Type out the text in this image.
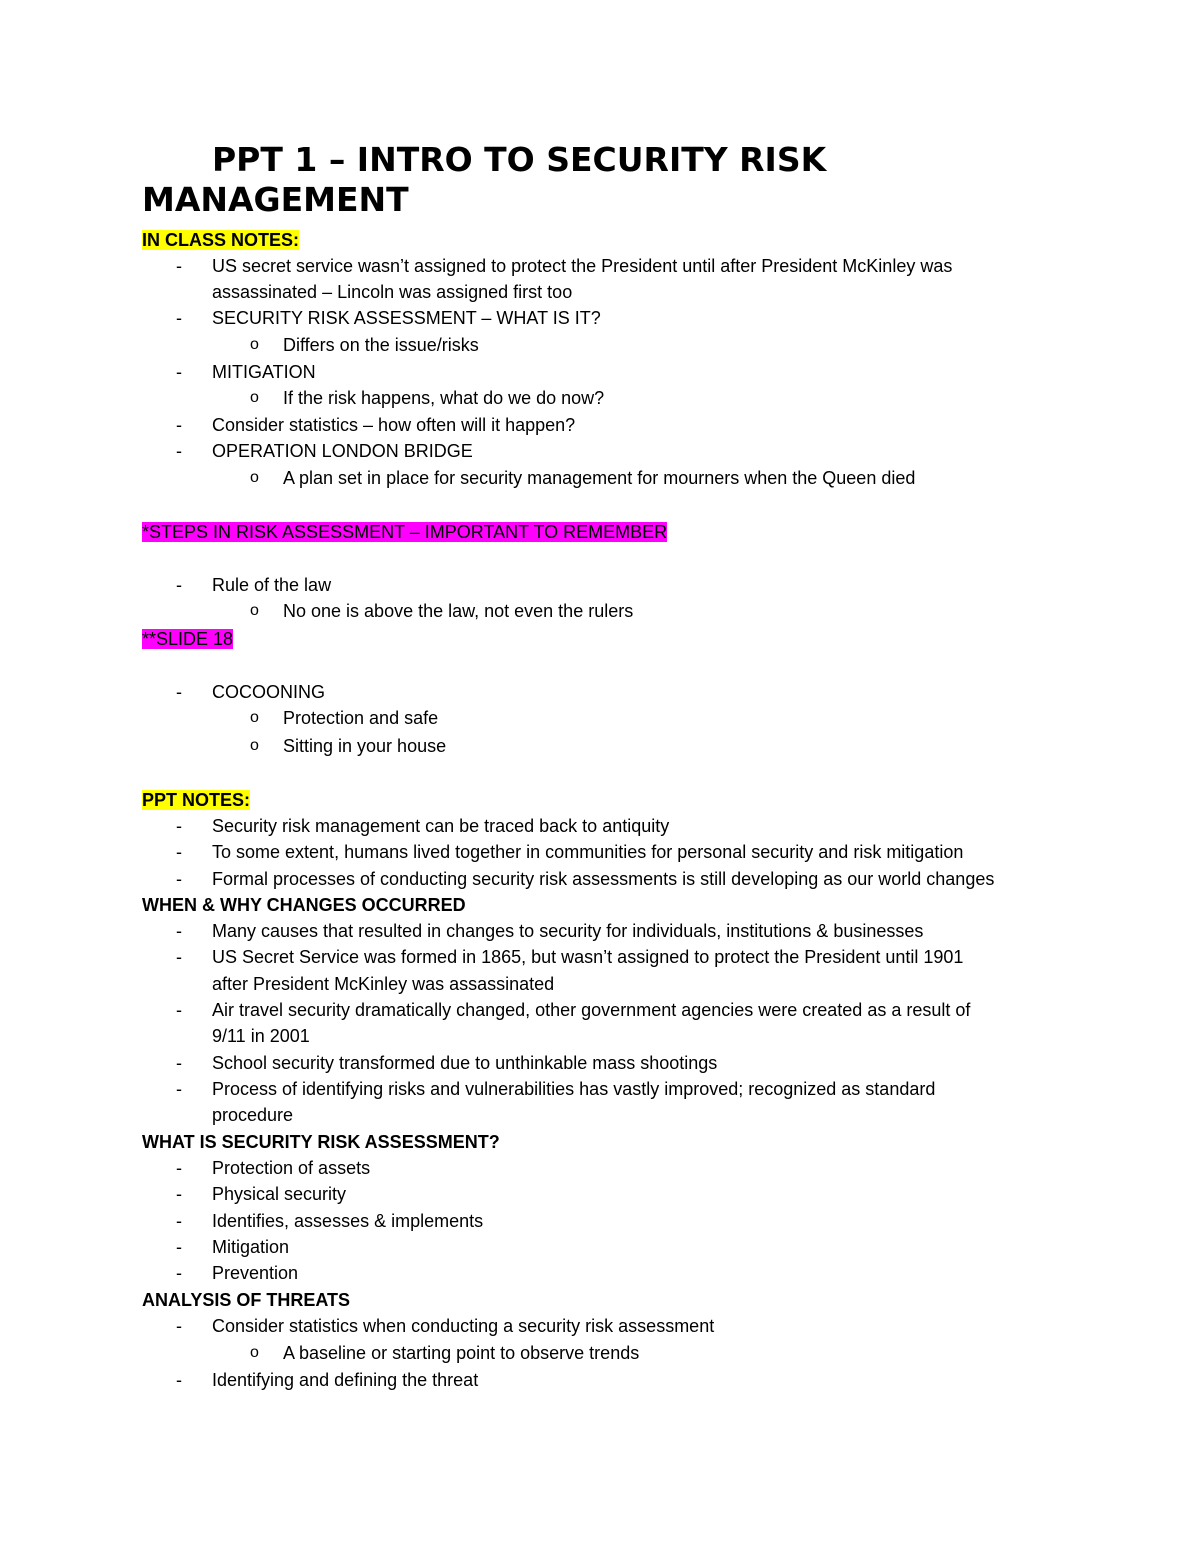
PPT 1 – INTRO TO SECURITY RISK
MANAGEMENT
IN CLASS NOTES:
- US secret service wasn’t assigned to protect the President until after President McKinley was
assassinated – Lincoln was assigned first too
- SECURITY RISK ASSESSMENT – WHAT IS IT?
o Differs on the issue/risks
- MITIGATION
o If the risk happens, what do we do now?
- Consider statistics – how often will it happen?
- OPERATION LONDON BRIDGE
o A plan set in place for security management for mourners when the Queen died
*STEPS IN RISK ASSESSMENT – IMPORTANT TO REMEMBER
- Rule of the law
o No one is above the law, not even the rulers
**SLIDE 18
- COCOONING
o Protection and safe
o Sitting in your house
PPT NOTES:
- Security risk management can be traced back to antiquity
- To some extent, humans lived together in communities for personal security and risk mitigation
- Formal processes of conducting security risk assessments is still developing as our world changes
WHEN & WHY CHANGES OCCURRED
- Many causes that resulted in changes to security for individuals, institutions & businesses
- US Secret Service was formed in 1865, but wasn’t assigned to protect the President until 1901
after President McKinley was assassinated
- Air travel security dramatically changed, other government agencies were created as a result of
9/11 in 2001
- School security transformed due to unthinkable mass shootings
- Process of identifying risks and vulnerabilities has vastly improved; recognized as standard
procedure
WHAT IS SECURITY RISK ASSESSMENT?
- Protection of assets
- Physical security
- Identifies, assesses & implements
- Mitigation
- Prevention
ANALYSIS OF THREATS
- Consider statistics when conducting a security risk assessment
o A baseline or starting point to observe trends
- Identifying and defining the threat
